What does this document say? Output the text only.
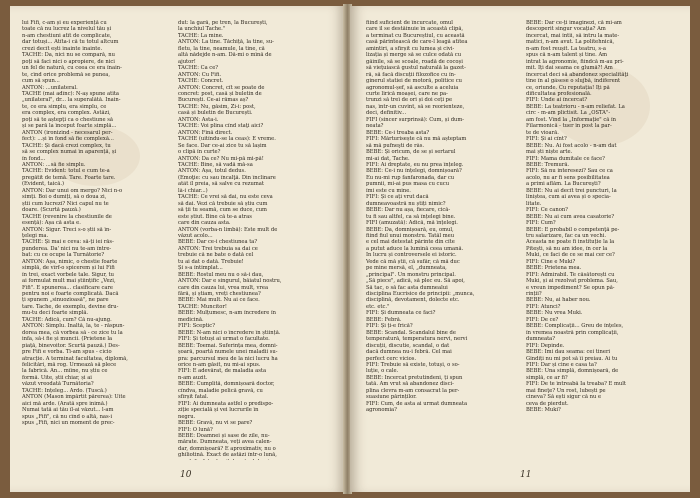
lui Fifi, c-am și eu experiență cu
toate că nu lucrez la nivelul tău și
n-am chestiuni atît de complicate,
dar totuși... Atîta-i că tu totul altcum
crezi decît ești înainte înainte.
TACHE: Da, nici nu se compară, nu
poți să faci nici o apropiere, de nici
un fel de natură, cu ceea ce era înain-
te, cînd orice problemă se punea,
cum să spun...
ANTON: ...unilateral.
TACHE (mai adînc): N-aș spune atîta
„unilateral", dr... la superalătă. Înain-
te, ce era simplu, era simplu, ce
era complex, era complex. Astăzi,
poți să te aștepți ca o chestiune să
și se pară la început foarte simplă...
ANTON (ironizînd - necesarul per-
fect): ...și în fond să fie complexă...
TACHE: Și dacă crezi complex, tu
să se complex numai în aparență, și
în fond...
ANTON: ...să fie simplu.
TACHE: Evident: totul e cum te-a
pregătit de temă. Tare. Foarte tare.
(Evident, taică.)
ANTON: Dar unui om mergo? Nici n-o
simți. Boi o dumiți, să o doua zi,
știi cum lucrezi? Nici capul nu te
doare. (Scurtă pauză.)
TACHE (revenire la chestiunile de
esență): Așa că asta e.
ANTON: Sigur. Treci s-o știi să în-
țelegi ma.
TACHE: Și mai e ceva: să-ți iei răs-
punderea. Da' nici nu te-am între-
bat: cu ce ocupe la Turnătorie?
ANTON: Așa, nimic, o chestie foarte
simplă, de vîrf-o spicerem și lui Fifi
în trei, exact vorbele tale. Sigur, tu
ai formulat mult mai științific „Vezi,
Fifi". E spunerea... clasificare care
pentru noi e foarte complicată. Dacă
ți spunem „sinuozioasă", ne pare
tare. Tache, de exemplu, devine dru-
mu-tu deci foarte simplă.
TACHE: Adică, cum? Că nu-ajung.
ANTON: Simplu. Înaltă, la, te - răspun-
dorea mea, că vorbea să - ce zice tu la
infa, să-i fie și muncii. (Prietene la
piață, binevoitor. Scurtă pauză.) Des-
pre Fifi e vorba. Tî-am spus - cicio
atracție. A terminat facultatea, diplomă,
felicitări, mă rog. Urmează să plece
la fabrică. An... mîine, nu știu ce
formă. Uite, știi chiar, și ai
văzut vreodată Turnătoria?
TACHE: Înțeleg... Ardo. (Tuscă.)
ANTON (Mason impărtit părerea): Uite
aici mă arde. (Arată spre inimă.)
Numai tată ai tău îl-ai văzut... l-am
spus „Fifi", că nu cînd o altă, nas-i
spus „Fifi, nici un moment de prec-
dut: la gară, pe tren, la București,
la unchiul Tache."
TACHE: La mine.
ANTON: La tine. Tăchiță, la tine, su-
fletu, la tine, neamule, la tine, că
altă nădejde n-am. Dă-mi o mînă de
ajutor!
TACHE: Ca ce?
ANTON: Cu Fifi.
TACHE: Concret.
ANTON: Concret, cît se poate de
concret: post, casă și buletin de
București. Ce-ai rămas aș?
TACHE: Nu, găsim, Zi-i: post,
casă și buletin de București.
ANTON: Asta-i.
TACHE: Voi plina cînd staţi aici?
ANTON: Fină direct.
TACHE (uitîndu-se la ceas): E vreme.
Se face. Dar ce-ai zice tu să lașim
o clipă în curte?
ANTON: Da ce? Nu mi-pă mi-pă!
TACHE: Bine, să vadă mă-sa
ANTON: Așa, totul dedus.
(Emoţie: cu sau încalţă. Din înclinare
atât îl preia, să salve cu rezumat
lâ-i chiar...)
TACHE: Ce vrei să dai, nu este ceva
să dai. Vezi că trebuie să știu cum
să ții tu seamă, cum se duce, cum
este știut. Bine că te-a atras
care din cauza asta.
ANTON (vorba-n limbă): Este mult de
văzut acolo...
BEBE: Dar ce-i chestiunea ta?
ANTON: Trei trebuia sa dai ce
trebuie că ne bate o dată cel
tu ai dat o dată. Trebuie!
Și s-a întîmplat...
BEBE: Rostul meu nu o să-i dau,
ANTON: Dar e singurul, băiatul nostru,
care din cauza lui, vrea mult, vrea
fără, și știam, vreți chestiunea?
BEBE: Mai mult. Nu ai ce face.
TACHE: Muncitor!
BEBE: Mulțumesc, n-am încredere în
medicină.
FIFI: Sceptic?
BEBE: N-am nici o încredere în știință.
FIFI: Și totuși ai urmat o facultate.
BEBE: Toemai. Suferința mea, domni-
șoară, poartă numele unei maladii su-
pra: parcursul meu de la nici lucru ha
orice n-am găsit, nu mi-ai spus.
FIFI: E adevărat, de maladia asta
n-am auzit.
BEBE: Cumplită, domnișoară doctor,
cîndva, maladie pelică gravă, cu
sfîrșit fatal.
FIFI: Ai dumneata astfel o predispo-
ziție specială și vei lucrurile în
negru.
BEBE: Gravă, nu vi se pare?
FIFI: O lună?
BEBE: Doamnei și sase de zile, nu-
mărate. Dumneata, veți avea calen-
dar, domnișoară? E aproximativ, nu o
ghiliotină. Exact de astăzi într-o lună,
10
fiind suficient de încurcate, omul
care îl se destăinuie în această clipă,
a terminat cu Bucureștiul, cu această
casă părintească de care-l leagă atîtea
amintiri, a sfîrșit cu lumea și civi-
lizația și merge să se culce odată cu
găinile, să se scoale, roadă de cocoși
să viețuiască gustul naturală la gazet-
ră, să facă discuții filozofice cu în-
ginerul statiei de motoră, politice cu
agronomul-șef, să asculte a aceluia
curte lîrică moașei, care ne pa-
trunzi să treî de ori și doi ceți pe
nas, într-un cuvînt, să se reorienteze,
deci, definitiv...
FIFI (sincer surprinsă): Cum, și dum-
neata?
BEBE: Ce-i treaba asta?
FIFI: Mărturisește că nu mă așteptam
să mă pufneşti de râs.
BEBE: Și oricum, de se și sertarul
mi-ai dat, Tache.
FIFI: Ai dreptate, eu nu prea înțeleg.
BEBE: Ce-i nu înțelegi, domnișoară?
Eu nu-mi rup fanfaronada, dar cu
pumnii, mi-ai pus masa cu cucu
îmi este cu mine.
FIFI: Și ce ați vrut dacă
dumneavoastră nu știți nimic?
BEBE: Dar nu așa, fiecare, cică-
tu fi sau altfel, ca să înțelegi bine.
FIFI (amuzată): Adică, mă înțelegi.
BEBE: Da, domnișoară, eu, omul,
fiind fiul unui monstru. Tatăl meu
e cel mai detestat părinte din cîte
a putut aduce la lumină ceea umană.
În lucru și controversele ei istoric.
Vede că mă știi, că sufăr, că mă duc
pe mine mersă, el, „dumneata,
„principal". Un monstru principal.
„Să piece", adică, să plec eu. Să apoi,
Să tac, o să fac asta dumnealui
disciplina Eucrisice de principii: „munca,
disciplină, devotament, dolecte etc.
etc. etc."
FIFI: Și dumneata ce faci?
BEBE: Febră.
FIFI: Și ți-e frică?
BEBE: Scandal. Scandalul bine de
temperatură, temperatura nervi, nervi
discuții, discutie, scandal, o dat
dacă dumnea nu-i febră. Cel mai
perfect cerc vicios.
FIFI: Trebuie să existe, totuși, o so-
luție, o cale.
BEBE: Incercat pretutindeni, ți spun
tată. Am vrut să abandonez disci-
plina clevra m-am consacrat la per-
suasiune părinților.
FIFI: Cum, de asta ai urmat dumneata
agronomia?
BEBE: Dar ce-ți imaginezi, că mi-am
descoperit singur vocația? Am
încercat, mai întîi, să intru la mate-
matici, n-am avut. La politehnică,
n-am fost reușit. La teatru, s-a
spus că n-am talent și tine. Am
intrat la agronomie, fiindcă m-au pri-
mit. Iți dai seama ce glumă?! Am
încercat deci să abandonez specialităţi
tine în al gâsese o slujbă, îndiferent
ce, oriunde. Cu reputația! Iți pă
dificultatea profesională.
FIFI: Unde ai încercat?
BEBE: La teatrioru - n-am reliefat. La
circ - m-am plictisit. La „OSTA"-
am fost. Vînd la „Informație" că în
Filarmonică - tuer în post la par-
te de vioară.
FIFI: Și ai cînt?
BEBE: Nu. Ai fost acolo - n-am dat
mai ști niște arte.
FIFI: Mama dumitale ce face?
BEBE: Tremură.
FIFI: Să nu interesezi? Sau ce ca
acolo, nu ar fi sens posibilitatea
a primi aflăm. La Bucureşti?
BEBE: Nu ai decît trei puncturi, la
liniștea, cum ai avea și o specia-
litate.
FIFI: Ce canon?
BEBE: Nu ai cum avea casatorie?
FIFI: Cum?
BEBE: E probabil o competenţă pe-
tru salarizare, fac ca un vechi.
Aceasta ne poate fi instituție la la
Pitești, să nu am idee, în cer la
Muki, ce faci de ce se mai cer ce?
FIFI: Cine e Muki?
BEBE: Prietena mea.
FIFI: Admirabil. Te căsătorești cu
Muki, și ai rezolvat problema. Sau,
e vreun impediment? Se opun pă-
rinții?
BEBE: Nu, ai haber nou.
FIFI: Atunci?
BEBE: Nu vrea Muki.
FIFI: De ce?
BEBE: Complicații... Greu de înțeles,
în vremea noastră prin complicații,
dumneata?
FIFI: Depinde.
BEBE: Imi dau seama: cei tineri
Gîndiți nu mi pot să îi preiau. Ai tu
FIFI: Dar și cine e casa ta?
BEBE: Una simplă, domnișoară, de
simplă, ce ar fi?
FIFI: De te întreabă Ia treaba? E mult
mai fineţe? Un rost, lubești pe
cineva? Să ești sigur că nu e
ceva de pierdut.
BEBE: Muki?
11
